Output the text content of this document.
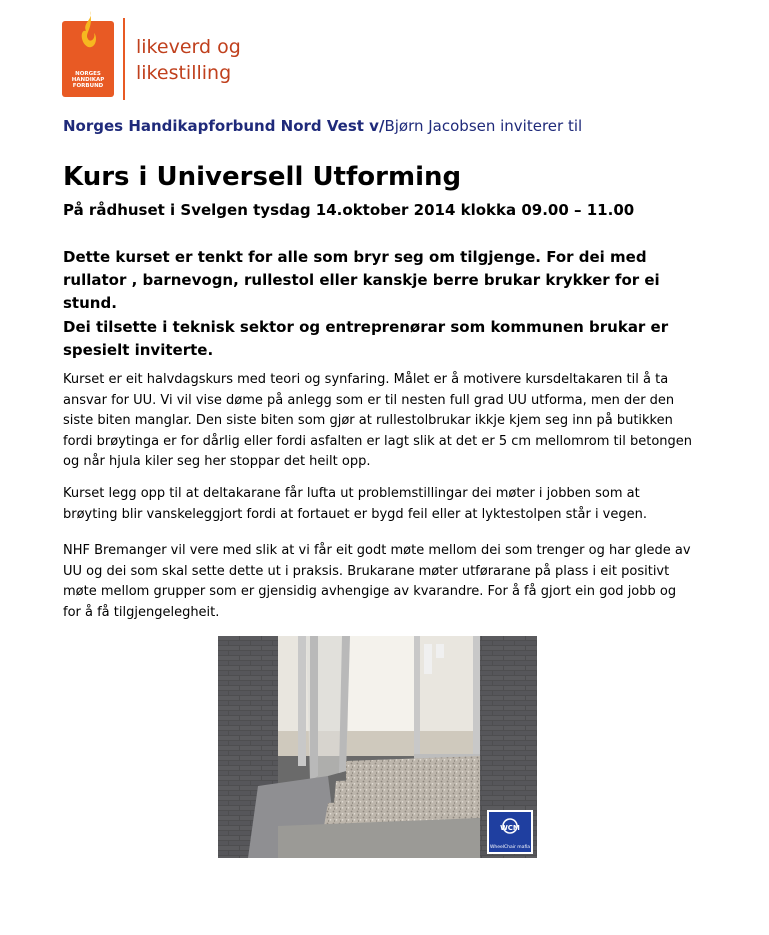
NORGES
HANDIKAP
FORBUND
likeverd og
likestilling
Norges Handikapforbund Nord Vest v/Bjørn Jacobsen inviterer til
Kurs i Universell Utforming
På rådhuset i Svelgen tysdag 14.oktober 2014 klokka 09.00 – 11.00
Dette kurset er tenkt for alle som bryr seg om tilgjenge. For dei med rullator , barnevogn, rullestol eller kanskje berre brukar krykker for ei stund.
Dei tilsette i teknisk sektor og entreprenørar som kommunen brukar er spesielt inviterte.
Kurset er eit halvdagskurs med teori og synfaring. Målet er å motivere kursdeltakaren til å ta ansvar for UU. Vi vil vise døme på anlegg som er til nesten full grad UU utforma, men der den siste biten manglar. Den siste biten som gjør at rullestolbrukar ikkje kjem seg inn på butikken fordi brøytinga er for dårlig eller fordi asfalten er lagt slik at det er 5 cm mellomrom til betongen og når hjula kiler seg her stoppar det heilt opp.
Kurset legg opp til at deltakarane får lufta ut problemstillingar dei møter i jobben som at brøyting blir vanskeleggjort fordi at fortauet er bygd feil eller at lyktestolpen står i vegen.
NHF Bremanger vil vere med slik at vi får eit godt møte mellom dei som trenger og har glede av UU og dei som skal sette dette ut i praksis. Brukarane møter utførarane på plass i eit positivt møte mellom grupper som er gjensidig avhengige av kvarandre. For å få gjort ein god jobb og for å få tilgjengelegheit.
WCM
WheelChair mafia
